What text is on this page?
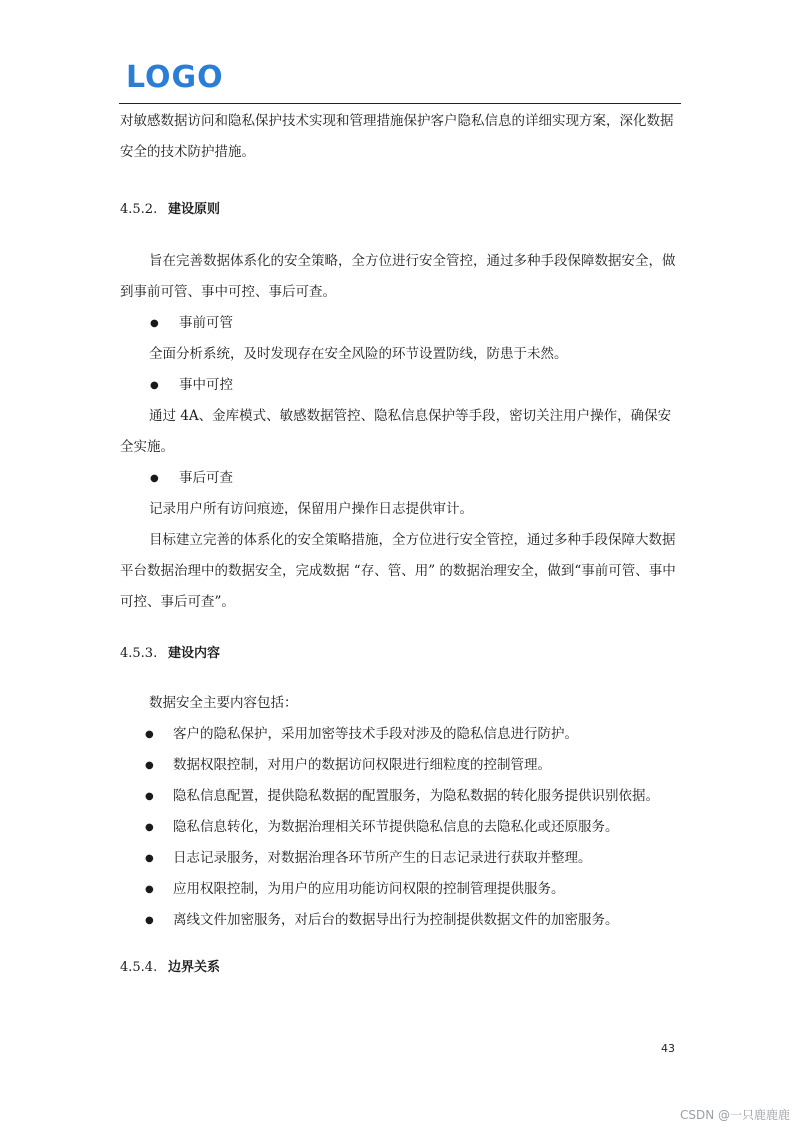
LOGO

对敏感数据访问和隐私保护技术实现和管理措施保护客户隐私信息的详细实现方案，深化数据安全的技术防护措施。

4.5.2. 建设原则

旨在完善数据体系化的安全策略，全方位进行安全管控，通过多种手段保障数据安全，做到事前可管、事中可控、事后可查。

● 事前可管

全面分析系统，及时发现存在安全风险的环节设置防线，防患于未然。

● 事中可控

通过 4A、金库模式、敏感数据管控、隐私信息保护等手段，密切关注用户操作，确保安全实施。

● 事后可查

记录用户所有访问痕迹，保留用户操作日志提供审计。

目标建立完善的体系化的安全策略措施，全方位进行安全管控，通过多种手段保障大数据平台数据治理中的数据安全，完成数据 “存、管、用” 的数据治理安全，做到“事前可管、事中可控、事后可查”。

4.5.3. 建设内容

数据安全主要内容包括：

● 客户的隐私保护，采用加密等技术手段对涉及的隐私信息进行防护。
● 数据权限控制，对用户的数据访问权限进行细粒度的控制管理。
● 隐私信息配置，提供隐私数据的配置服务，为隐私数据的转化服务提供识别依据。
● 隐私信息转化，为数据治理相关环节提供隐私信息的去隐私化或还原服务。
● 日志记录服务，对数据治理各环节所产生的日志记录进行获取并整理。
● 应用权限控制，为用户的应用功能访问权限的控制管理提供服务。
● 离线文件加密服务，对后台的数据导出行为控制提供数据文件的加密服务。
4.5.4. 边界关系
43
CSDN @一只鹿鹿鹿
